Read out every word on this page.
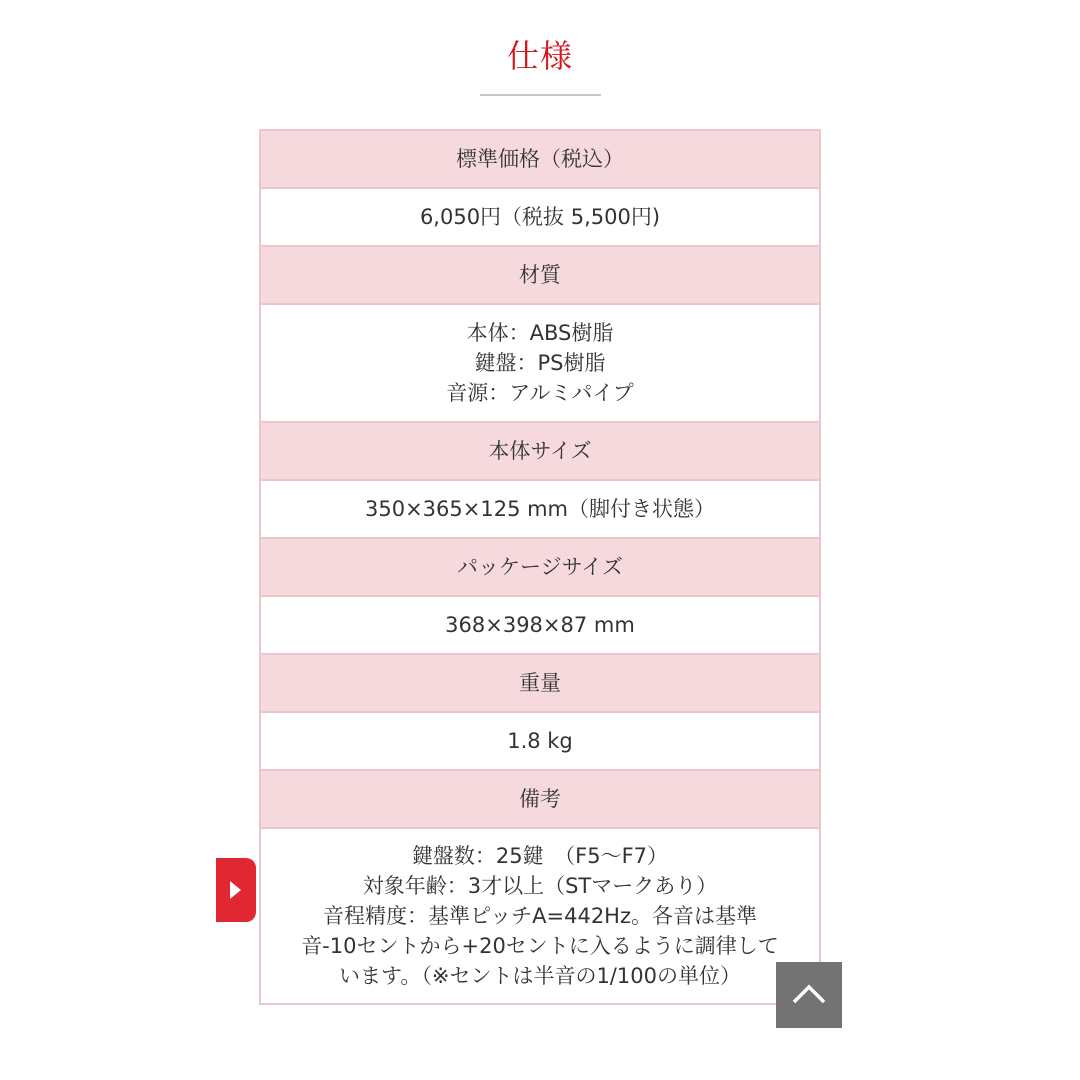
仕様
標準価格（税込）
6,050円（税抜 5,500円)
材質

本体：ABS樹脂
鍵盤：PS樹脂
音源：アルミパイプ

本体サイズ
350×365×125 mm（脚付き状態）
パッケージサイズ
368×398×87 mm
重量
1.8 kg
備考

鍵盤数：25鍵　（F5〜F7）
対象年齢：3才以上（STマークあり）
音程精度：基準ピッチA=442Hz。各音は基準
音-10セントから+20セントに入るように調律して
います。（※セントは半音の1/100の単位）
